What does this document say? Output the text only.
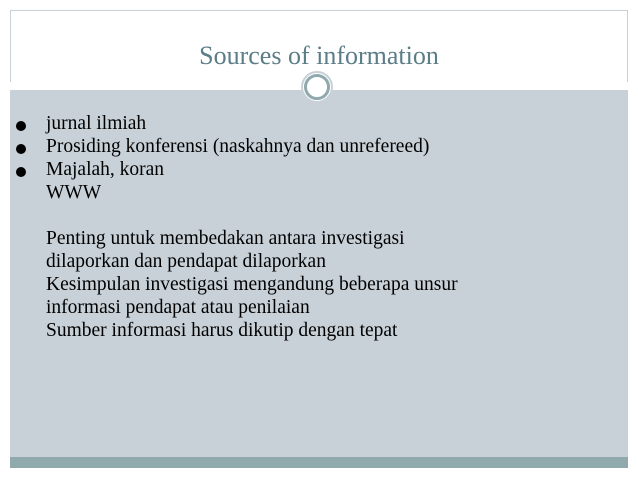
Sources of information
jurnal ilmiah
Prosiding konferensi (naskahnya dan unrefereed)
Majalah, koran
WWW
Penting untuk membedakan antara investigasi
dilaporkan dan pendapat dilaporkan
Kesimpulan investigasi mengandung beberapa unsur
informasi pendapat atau penilaian
Sumber informasi harus dikutip dengan tepat
